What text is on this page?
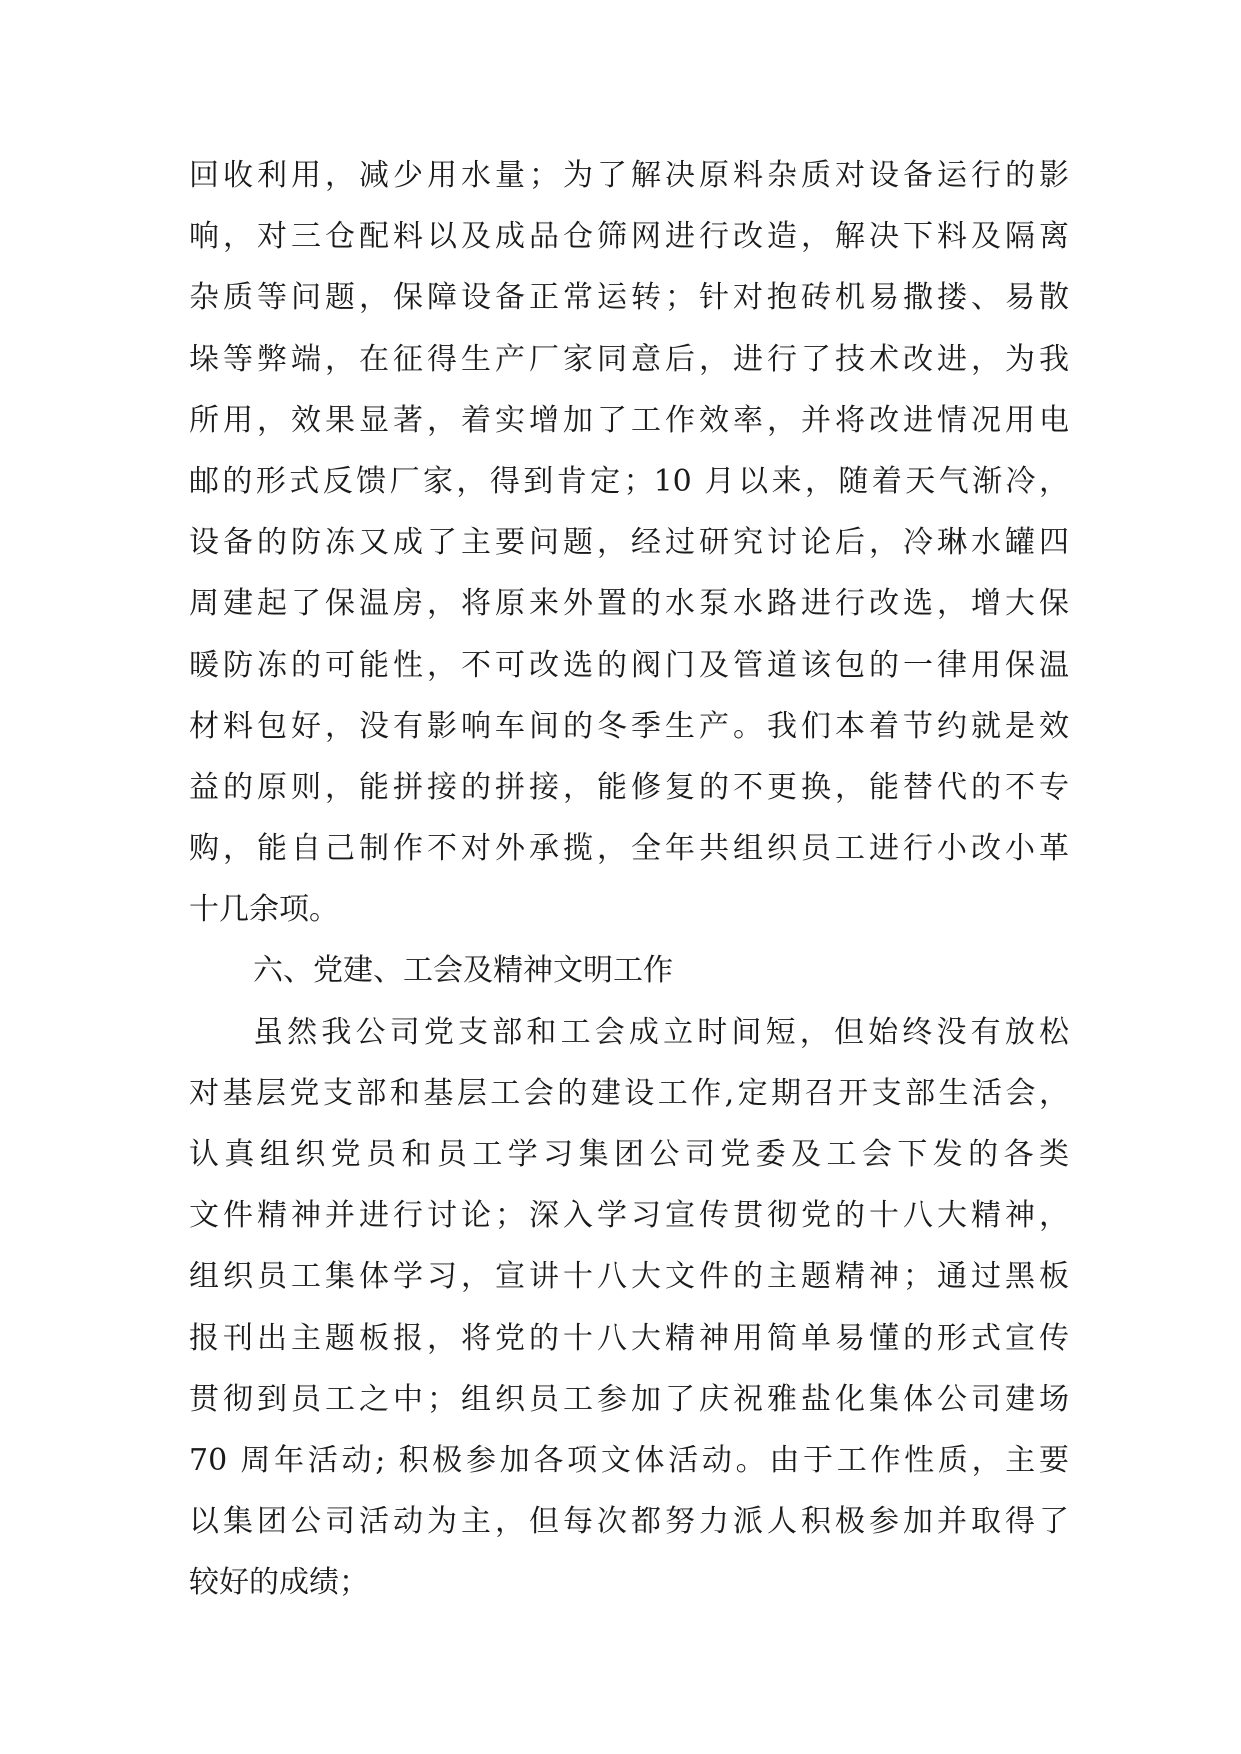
回收利用，减少用水量；为了解决原料杂质对设备运行的影
响，对三仓配料以及成品仓筛网进行改造，解决下料及隔离
杂质等问题，保障设备正常运转；针对抱砖机易撒搂、易散
垛等弊端，在征得生产厂家同意后，进行了技术改进，为我
所用，效果显著，着实增加了工作效率，并将改进情况用电
邮的形式反馈厂家，得到肯定；10 月以来，随着天气渐冷，
设备的防冻又成了主要问题，经过研究讨论后，冷琳水罐四
周建起了保温房，将原来外置的水泵水路进行改选，增大保
暖防冻的可能性，不可改选的阀门及管道该包的一律用保温
材料包好，没有影响车间的冬季生产。我们本着节约就是效
益的原则，能拼接的拼接，能修复的不更换，能替代的不专
购，能自己制作不对外承揽，全年共组织员工进行小改小革
十几余项。
六、党建、工会及精神文明工作
虽然我公司党支部和工会成立时间短，但始终没有放松
对基层党支部和基层工会的建设工作,定期召开支部生活会，
认真组织党员和员工学习集团公司党委及工会下发的各类
文件精神并进行讨论；深入学习宣传贯彻党的十八大精神，
组织员工集体学习，宣讲十八大文件的主题精神；通过黑板
报刊出主题板报，将党的十八大精神用简单易懂的形式宣传
贯彻到员工之中；组织员工参加了庆祝雅盐化集体公司建场
70 周年活动; 积极参加各项文体活动。由于工作性质，主要
以集团公司活动为主，但每次都努力派人积极参加并取得了
较好的成绩；
